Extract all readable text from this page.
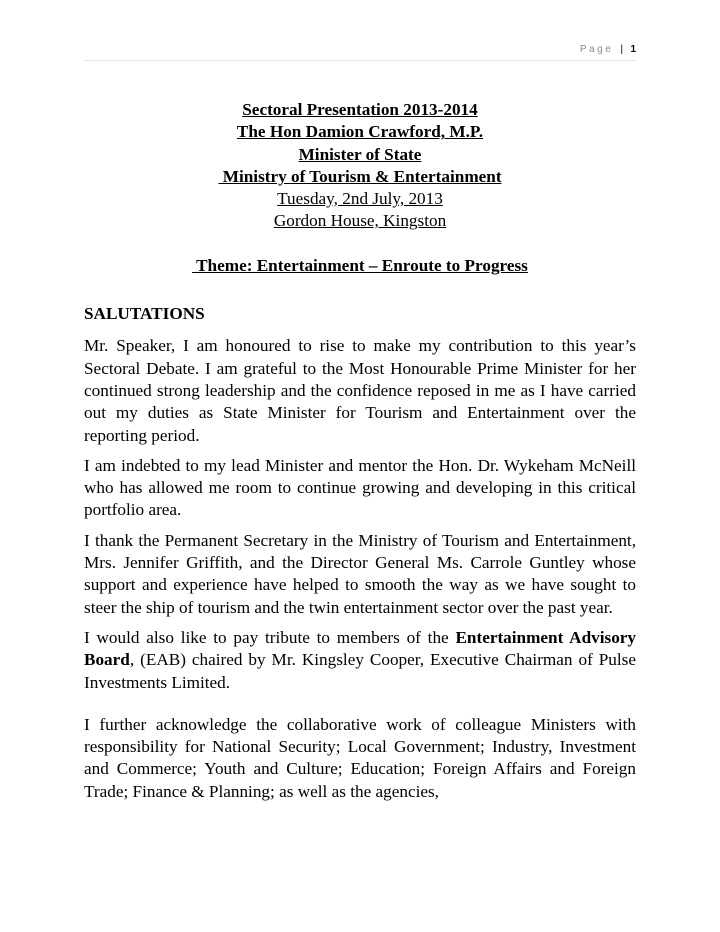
Page | 1
Sectoral Presentation 2013-2014
The Hon Damion Crawford, M.P.
Minister of State
Ministry of Tourism & Entertainment
Tuesday, 2nd July, 2013
Gordon House, Kingston
Theme: Entertainment – Enroute to Progress
SALUTATIONS

Mr. Speaker, I am honoured to rise to make my contribution to this year’s Sectoral Debate. I am grateful to the Most Honourable Prime Minister for her continued strong leadership and the confidence reposed in me as I have carried out my duties as State Minister for Tourism and Entertainment over the reporting period.

I am indebted to my lead Minister and mentor the Hon. Dr. Wykeham McNeill who has allowed me room to continue growing and developing in this critical portfolio area.

I thank the Permanent Secretary in the Ministry of Tourism and Entertainment, Mrs. Jennifer Griffith, and the Director General Ms. Carrole Guntley whose support and experience have helped to smooth the way as we have sought to steer the ship of tourism and the twin entertainment sector over the past year.

I would also like to pay tribute to members of the Entertainment Advisory Board, (EAB) chaired by Mr. Kingsley Cooper, Executive Chairman of Pulse Investments Limited.

I further acknowledge the collaborative work of colleague Ministers with responsibility for National Security; Local Government; Industry, Investment and Commerce; Youth and Culture; Education; Foreign Affairs and Foreign Trade; Finance & Planning; as well as the agencies,
